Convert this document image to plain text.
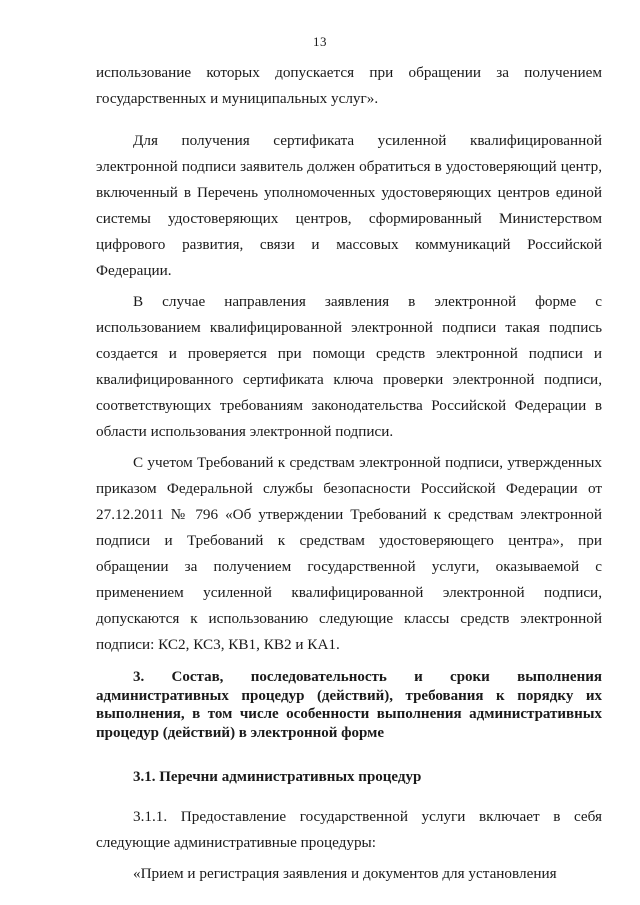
13

использование которых допускается при обращении за получением государственных и муниципальных услуг».

Для получения сертификата усиленной квалифицированной электронной подписи заявитель должен обратиться в удостоверяющий центр, включенный в Перечень уполномоченных удостоверяющих центров единой системы удостоверяющих центров, сформированный Министерством цифрового развития, связи и массовых коммуникаций Российской Федерации.

В случае направления заявления в электронной форме с использованием квалифицированной электронной подписи такая подпись создается и проверяется при помощи средств электронной подписи и квалифицированного сертификата ключа проверки электронной подписи, соответствующих требованиям законодательства Российской Федерации в области использования электронной подписи.

С учетом Требований к средствам электронной подписи, утвержденных приказом Федеральной службы безопасности Российской Федерации от 27.12.2011 № 796 «Об утверждении Требований к средствам электронной подписи и Требований к средствам удостоверяющего центра», при обращении за получением государственной услуги, оказываемой с применением усиленной квалифицированной электронной подписи, допускаются к использованию следующие классы средств электронной подписи: КС2, КС3, КВ1, КВ2 и КА1.

3. Состав, последовательность и сроки выполнения административных процедур (действий), требования к порядку их выполнения, в том числе особенности выполнения административных процедур (действий) в электронной форме

3.1. Перечни административных процедур

3.1.1. Предоставление государственной услуги включает в себя следующие административные процедуры:

«Прием и регистрация заявления и документов для установления
